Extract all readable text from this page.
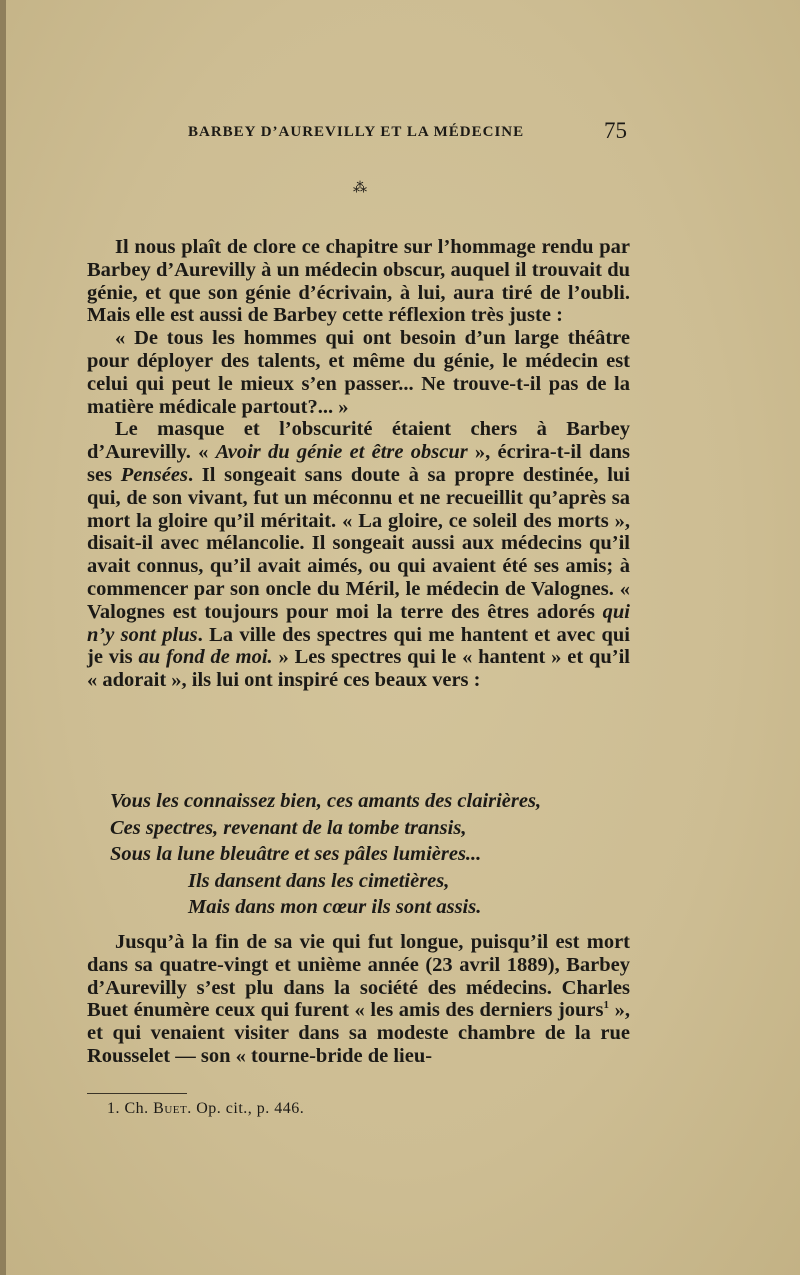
BARBEY D’AUREVILLY ET LA MÉDECINE	75
⁂

Il nous plaît de clore ce chapitre sur l’hommage rendu par Barbey d’Aurevilly à un médecin obscur, auquel il trouvait du génie, et que son génie d’écrivain, à lui, aura tiré de l’oubli. Mais elle est aussi de Barbey cette réflexion très juste :

« De tous les hommes qui ont besoin d’un large théâtre pour déployer des talents, et même du génie, le médecin est celui qui peut le mieux s’en passer... Ne trouve-t-il pas de la matière médicale partout?... »

Le masque et l’obscurité étaient chers à Barbey d’Aurevilly. « Avoir du génie et être obscur », écrira-t-il dans ses Pensées. Il songeait sans doute à sa propre destinée, lui qui, de son vivant, fut un méconnu et ne recueillit qu’après sa mort la gloire qu’il méritait. « La gloire, ce soleil des morts », disait-il avec mélancolie. Il songeait aussi aux médecins qu’il avait connus, qu’il avait aimés, ou qui avaient été ses amis; à commencer par son oncle du Méril, le médecin de Valognes. « Valognes est toujours pour moi la terre des êtres adorés qui n’y sont plus. La ville des spectres qui me hantent et avec qui je vis au fond de moi. » Les spectres qui le « hantent » et qu’il « adorait », ils lui ont inspiré ces beaux vers :

Vous les connaissez bien, ces amants des clairières,
Ces spectres, revenant de la tombe transis,
Sous la lune bleuâtre et ses pâles lumières...
Ils dansent dans les cimetières,
Mais dans mon cœur ils sont assis.

Jusqu’à la fin de sa vie qui fut longue, puisqu’il est mort dans sa quatre-vingt et unième année (23 avril 1889), Barbey d’Aurevilly s’est plu dans la société des médecins. Charles Buet énumère ceux qui furent « les amis des derniers jours$^1$ », et qui venaient visiter dans sa modeste chambre de la rue Rousselet — son « tourne-bride de lieu-

1. Ch. Buet. Op. cit., p. 446.
